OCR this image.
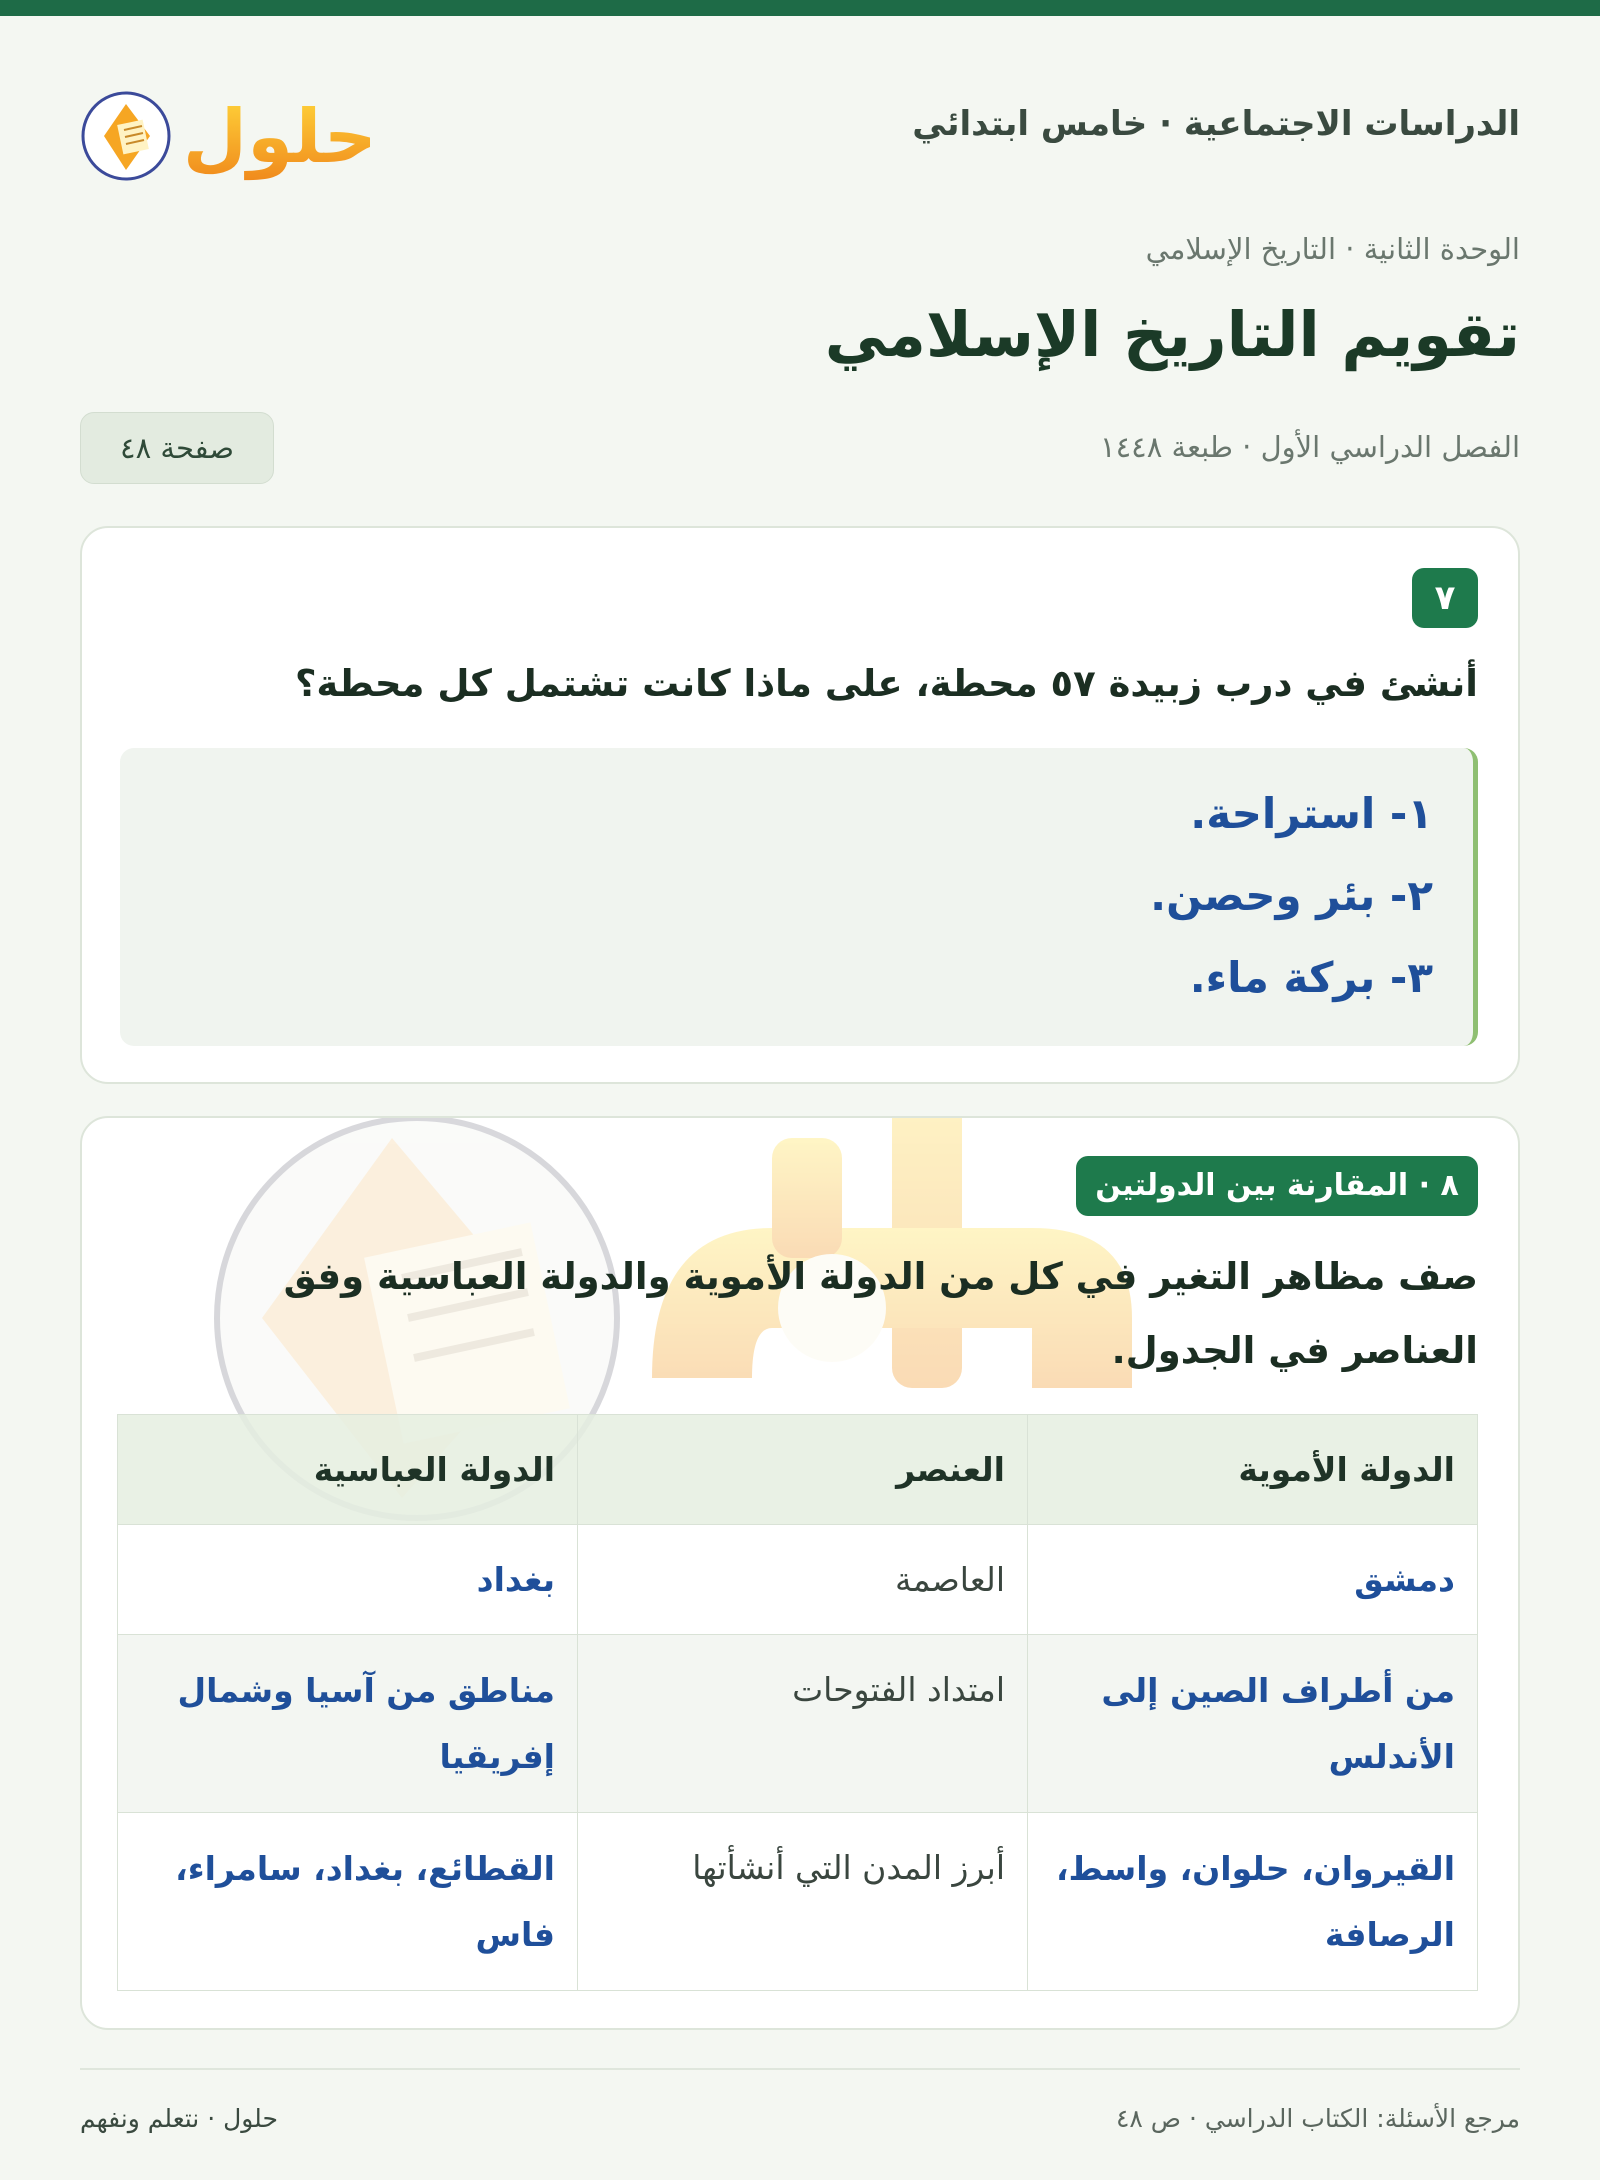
الدراسات الاجتماعية · خامس ابتدائي
حلول
الوحدة الثانية · التاريخ الإسلامي
تقويم التاريخ الإسلامي
الفصل الدراسي الأول · طبعة ١٤٤٨
صفحة ٤٨
٧
أنشئ في درب زبيدة ٥٧ محطة، على ماذا كانت تشتمل كل محطة؟
١- استراحة.
٢- بئر وحصن.
٣- بركة ماء.
٨ · المقارنة بين الدولتين
صف مظاهر التغير في كل من الدولة الأموية والدولة العباسية وفق العناصر في الجدول.
الدولة الأموية	العنصر	الدولة العباسية
دمشق	العاصمة	بغداد
من أطراف الصين إلى الأندلس	امتداد الفتوحات	مناطق من آسيا وشمال إفريقيا
القيروان، حلوان، واسط، الرصافة	أبرز المدن التي أنشأتها	القطائع، بغداد، سامراء، فاس
مرجع الأسئلة: الكتاب الدراسي · ص ٤٨
حلول · نتعلم ونفهم
